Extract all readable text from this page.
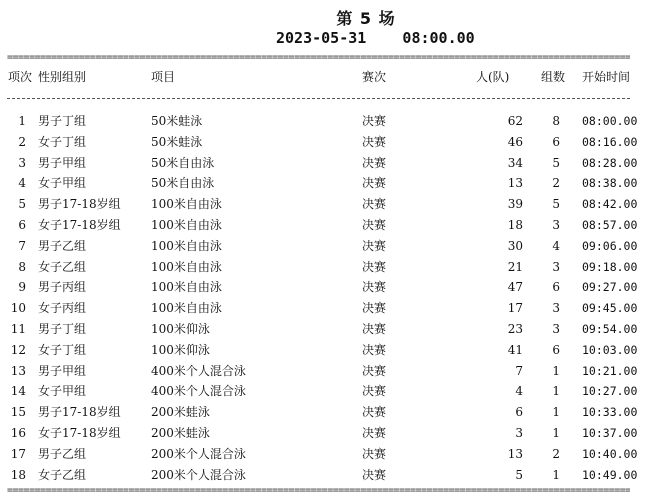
第 5 场
2023-05-31    08:00.00
=====
项次 性别组别	项目	赛次	人(队)	组数 开始时间
1 男子丁组	50米蛙泳	决赛	62	8 08:00.00
2 女子丁组	50米蛙泳	决赛	46	6 08:16.00
3 男子甲组	50米自由泳	决赛	34	5 08:28.00
4 女子甲组	50米自由泳	决赛	13	2 08:38.00
5 男子17-18岁组	100米自由泳	决赛	39	5 08:42.00
6 女子17-18岁组	100米自由泳	决赛	18	3 08:57.00
7 男子乙组	100米自由泳	决赛	30	4 09:06.00
8 女子乙组	100米自由泳	决赛	21	3 09:18.00
9 男子丙组	100米自由泳	决赛	47	6 09:27.00
10 女子丙组	100米自由泳	决赛	17	3 09:45.00
11 男子丁组	100米仰泳	决赛	23	3 09:54.00
12 女子丁组	100米仰泳	决赛	41	6 10:03.00
13 男子甲组	400米个人混合泳	决赛	7	1 10:21.00
14 女子甲组	400米个人混合泳	决赛	4	1 10:27.00
15 男子17-18岁组	200米蛙泳	决赛	6	1 10:33.00
16 女子17-18岁组	200米蛙泳	决赛	3	1 10:37.00
17 男子乙组	200米个人混合泳	决赛	13	2 10:40.00
18 女子乙组	200米个人混合泳	决赛	5	1 10:49.00
=====
